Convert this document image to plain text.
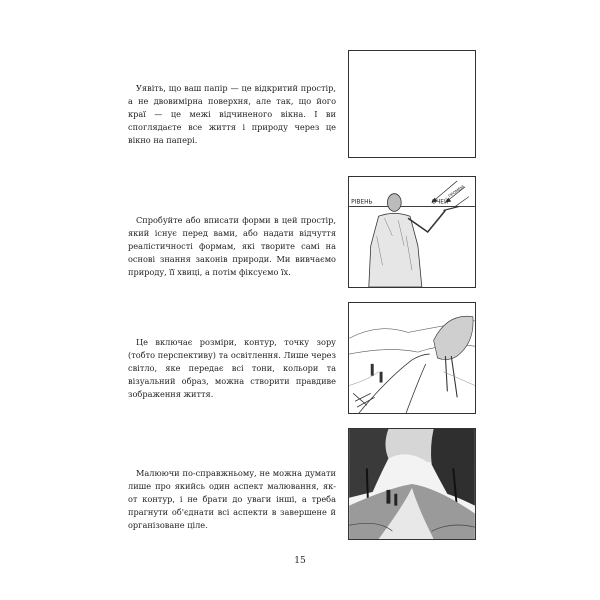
Уявіть, що ваш папір — це відкритий простір, а не двовимірна поверхня, але так, що його краї — це межі відчиненого вікна. І ви споглядаєте все життя і природу через це вікно на папері.

Спробуйте або вписати форми в цей простір, який існує перед вами, або надати відчуття реалістичності формам, які творите самі на основі знання законів природи. Ми вивчаємо природу, її хвиці, а потім фіксуємо їх.

Це включає розміри, контур, точку зору (тобто перспективу) та освітлення. Лише через світло, яке передає всі тони, кольори та візуальний образ, можна створити правдиве зображення життя.

Малюючи по-справжньому, не можна думати лише про якийсь один аспект малювання, як-от контур, і не брати до уваги інші, а треба прагнути об'єднати всі аспекти в завершене й організоване ціле.

РІВЕНЬ	ОЧЕЙ
ПРОМЕНІ
15
